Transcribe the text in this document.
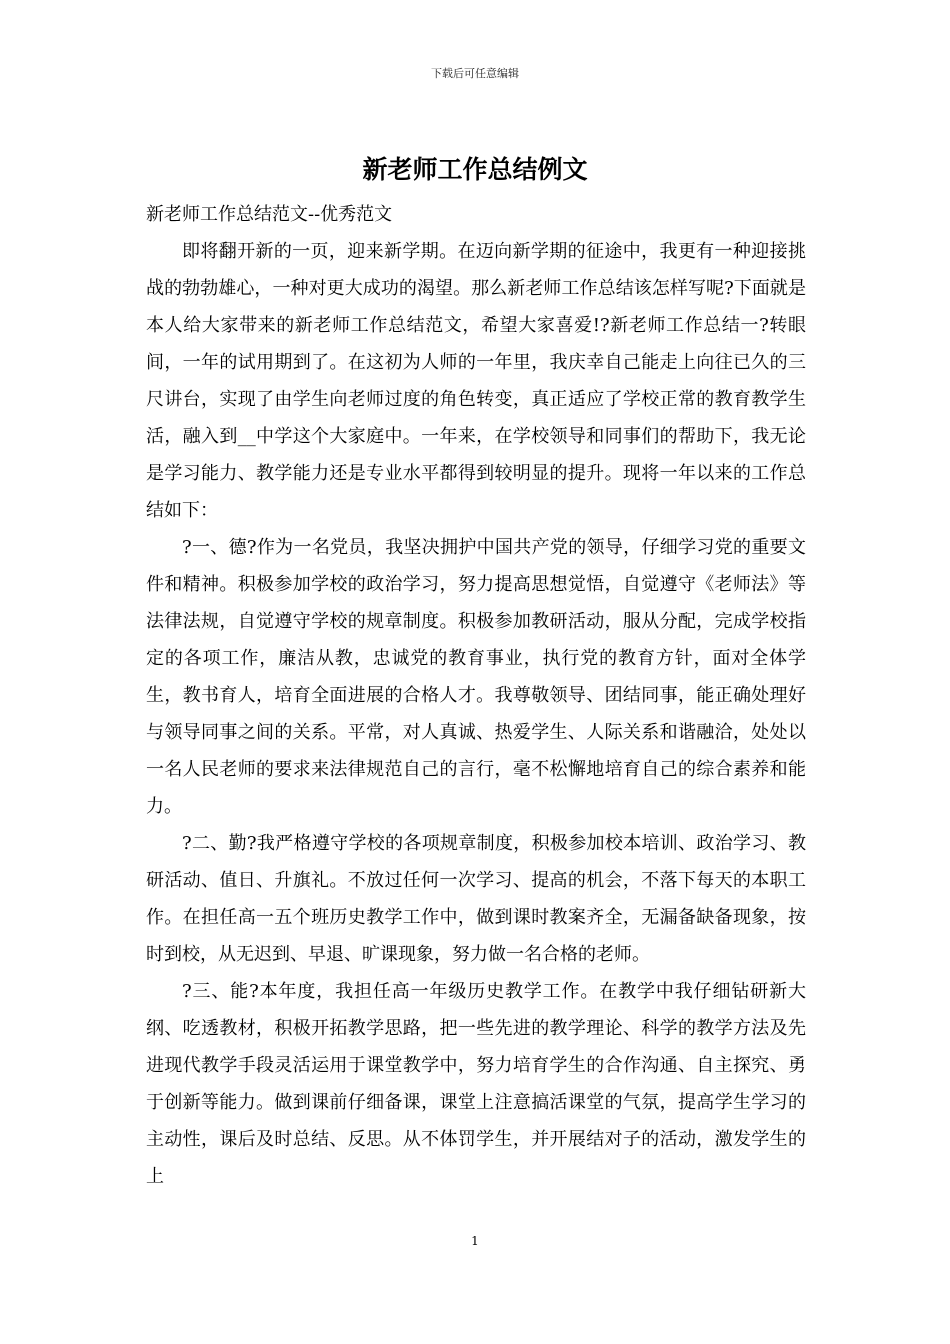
下载后可任意编辑
新老师工作总结例文

新老师工作总结范文--优秀范文

即将翻开新的一页，迎来新学期。在迈向新学期的征途中，我更有一种迎接挑战的勃勃雄心，一种对更大成功的渴望。那么新老师工作总结该怎样写呢?下面就是本人给大家带来的新老师工作总结范文，希望大家喜爱!?新老师工作总结一?转眼间，一年的试用期到了。在这初为人师的一年里，我庆幸自己能走上向往已久的三尺讲台，实现了由学生向老师过度的角色转变，真正适应了学校正常的教育教学生活，融入到__中学这个大家庭中。一年来，在学校领导和同事们的帮助下，我无论是学习能力、教学能力还是专业水平都得到较明显的提升。现将一年以来的工作总结如下：

?一、德?作为一名党员，我坚决拥护中国共产党的领导，仔细学习党的重要文件和精神。积极参加学校的政治学习，努力提高思想觉悟，自觉遵守《老师法》等法律法规，自觉遵守学校的规章制度。积极参加教研活动，服从分配，完成学校指定的各项工作，廉洁从教，忠诚党的教育事业，执行党的教育方针，面对全体学生，教书育人，培育全面进展的合格人才。我尊敬领导、团结同事，能正确处理好与领导同事之间的关系。平常，对人真诚、热爱学生、人际关系和谐融洽，处处以一名人民老师的要求来法律规范自己的言行，毫不松懈地培育自己的综合素养和能力。

?二、勤?我严格遵守学校的各项规章制度，积极参加校本培训、政治学习、教研活动、值日、升旗礼。不放过任何一次学习、提高的机会，不落下每天的本职工作。在担任高一五个班历史教学工作中，做到课时教案齐全，无漏备缺备现象，按时到校，从无迟到、早退、旷课现象，努力做一名合格的老师。

?三、能?本年度，我担任高一年级历史教学工作。在教学中我仔细钻研新大纲、吃透教材，积极开拓教学思路，把一些先进的教学理论、科学的教学方法及先进现代教学手段灵活运用于课堂教学中，努力培育学生的合作沟通、自主探究、勇于创新等能力。做到课前仔细备课，课堂上注意搞活课堂的气氛，提高学生学习的主动性，课后及时总结、反思。从不体罚学生，并开展结对子的活动，激发学生的上

1
